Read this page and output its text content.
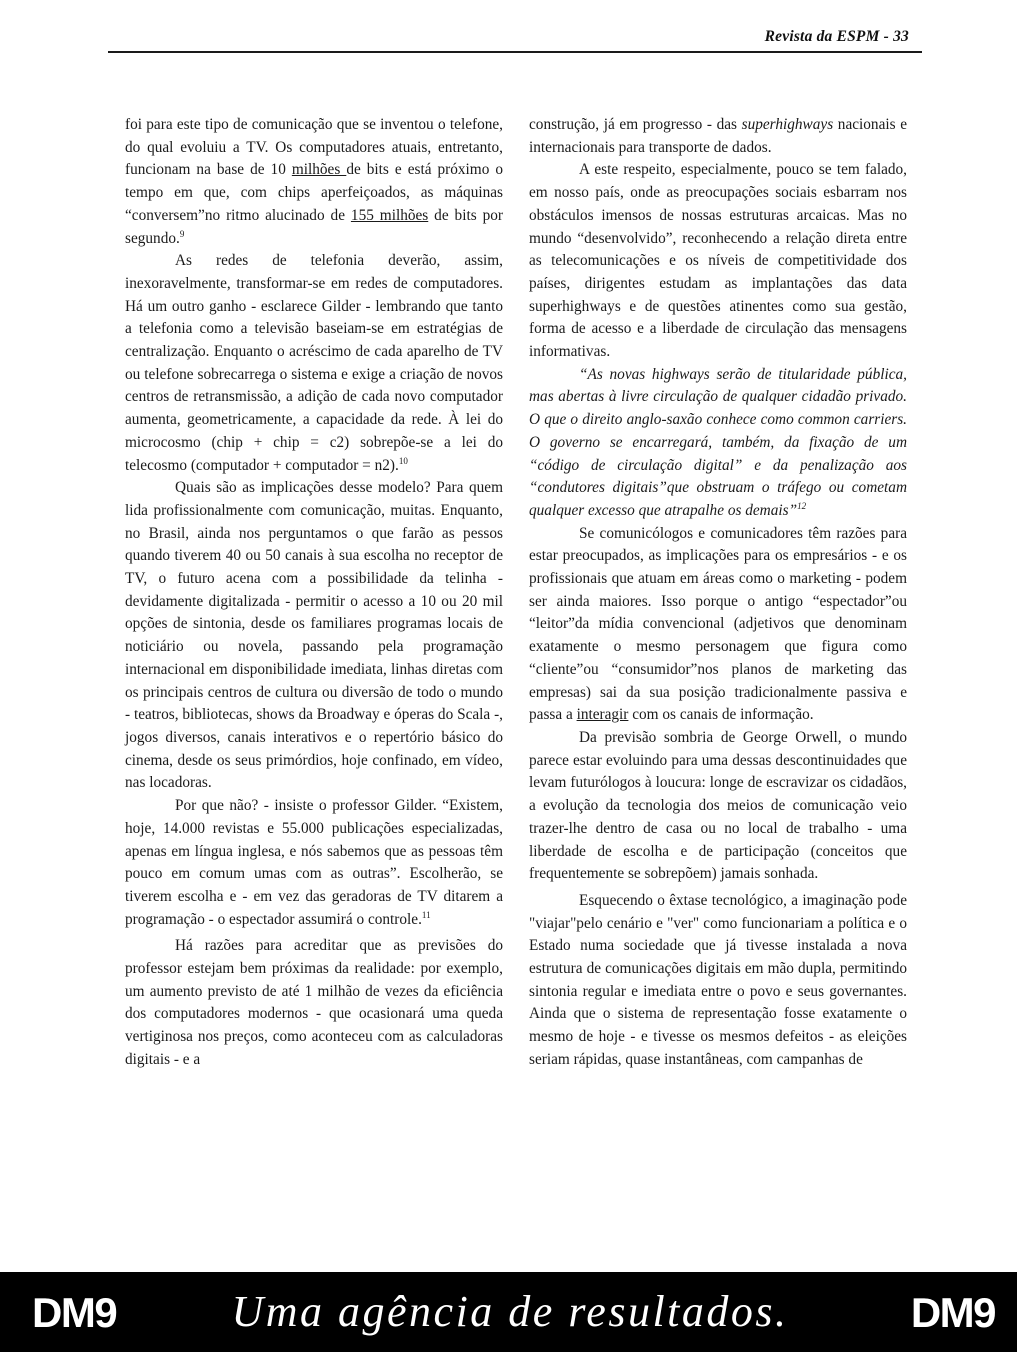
Revista da ESPM - 33

foi para este tipo de comunicação que se inventou o telefone, do qual evoluiu a TV. Os computadores atuais, entretanto, funcionam na base de 10 milhões de bits e está próximo o tempo em que, com chips aperfeiçoados, as máquinas “conversem”no ritmo alucinado de 155 milhões de bits por segundo.$^9$

As redes de telefonia deverão, assim, inexoravelmente, transformar-se em redes de computadores. Há um outro ganho - esclarece Gilder - lembrando que tanto a telefonia como a televisão baseiam-se em estratégias de centralização. Enquanto o acréscimo de cada aparelho de TV ou telefone sobrecarrega o sistema e exige a criação de novos centros de retransmissão, a adição de cada novo computador aumenta, geometricamente, a capacidade da rede. À lei do microcosmo (chip + chip = c2) sobrepõe-se a lei do telecosmo (computador + computador = n2).$^{10}$

Quais são as implicações desse modelo? Para quem lida profissionalmente com comunicação, muitas. Enquanto, no Brasil, ainda nos perguntamos o que farão as pessos quando tiverem 40 ou 50 canais à sua escolha no receptor de TV, o futuro acena com a possibilidade da telinha - devidamente digitalizada - permitir o acesso a 10 ou 20 mil opções de sintonia, desde os familiares programas locais de noticiário ou novela, passando pela programação internacional em disponibilidade imediata, linhas diretas com os principais centros de cultura ou diversão de todo o mundo - teatros, bibliotecas, shows da Broadway e óperas do Scala -, jogos diversos, canais interativos e o repertório básico do cinema, desde os seus primórdios, hoje confinado, em vídeo, nas locadoras.

Por que não? - insiste o professor Gilder. “Existem, hoje, 14.000 revistas e 55.000 publicações especializadas, apenas em língua inglesa, e nós sabemos que as pessoas têm pouco em comum umas com as outras”. Escolherão, se tiverem escolha e - em vez das geradoras de TV ditarem a programação - o espectador assumirá o controle.$^{11}$

Há razões para acreditar que as previsões do professor estejam bem próximas da realidade: por exemplo, um aumento previsto de até 1 milhão de vezes da eficiência dos computadores modernos - que ocasionará uma queda vertiginosa nos preços, como aconteceu com as calculadoras digitais - e a

construção, já em progresso - das superhighways nacionais e internacionais para transporte de dados.

A este respeito, especialmente, pouco se tem falado, em nosso país, onde as preocupações sociais esbarram nos obstáculos imensos de nossas estruturas arcaicas. Mas no mundo “desenvolvido”, reconhecendo a relação direta entre as telecomunicações e os níveis de competitividade dos países, dirigentes estudam as implantações das data superhighways e de questões atinentes como sua gestão, forma de acesso e a liberdade de circulação das mensagens informativas.

“As novas highways serão de titularidade pública, mas abertas à livre circulação de qualquer cidadão privado. O que o direito anglo-saxão conhece como common carriers. O governo se encarregará, também, da fixação de um “código de circulação digital” e da penalização aos “condutores digitais”que obstruam o tráfego ou cometam qualquer excesso que atrapalhe os demais”$^{12}$

Se comunicólogos e comunicadores têm razões para estar preocupados, as implicações para os empresários - e os profissionais que atuam em áreas como o marketing - podem ser ainda maiores. Isso porque o antigo “espectador”ou “leitor”da mídia convencional (adjetivos que denominam exatamente o mesmo personagem que figura como “cliente”ou “consumidor”nos planos de marketing das empresas) sai da sua posição tradicionalmente passiva e passa a interagir com os canais de informação.

Da previsão sombria de George Orwell, o mundo parece estar evoluindo para uma dessas descontinuidades que levam futurólogos à loucura: longe de escravizar os cidadãos, a evolução da tecnologia dos meios de comunicação veio trazer-lhe dentro de casa ou no local de trabalho - uma liberdade de escolha e de participação (conceitos que frequentemente se sobrepõem) jamais sonhada.

Esquecendo o êxtase tecnológico, a imaginação pode "viajar"pelo cenário e "ver" como funcionariam a política e o Estado numa sociedade que já tivesse instalada a nova estrutura de comunicações digitais em mão dupla, permitindo sintonia regular e imediata entre o povo e seus governantes. Ainda que o sistema de representação fosse exatamente o mesmo de hoje - e tivesse os mesmos defeitos - as eleições seriam rápidas, quase instantâneas, com campanhas de

DM9	Uma agência de resultados.	DM9
